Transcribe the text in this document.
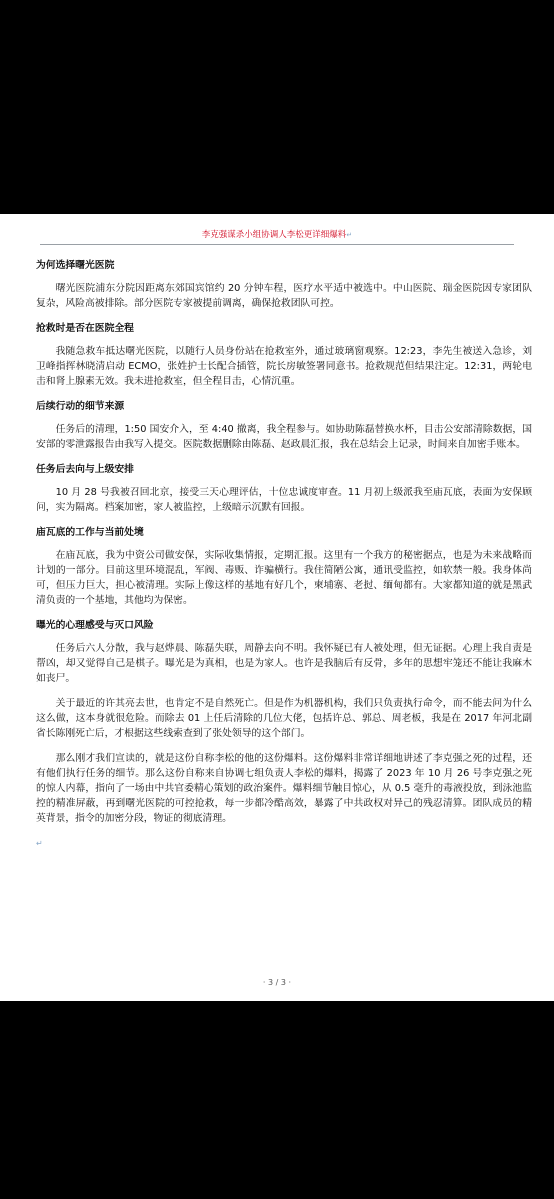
李克强谋杀小组协调人李松更详细爆料↵
为何选择曙光医院
曙光医院浦东分院因距离东郊国宾馆约 20 分钟车程，医疗水平适中被选中。中山医院、瑞金医院因专家团队复杂，风险高被排除。部分医院专家被提前调离，确保抢救团队可控。
抢救时是否在医院全程
我随急救车抵达曙光医院，以随行人员身份站在抢救室外，通过玻璃窗观察。12:23，李先生被送入急诊，刘卫峰指挥林晓清启动 ECMO，张姓护士长配合插管，院长房敏签署同意书。抢救规范但结果注定。12:31，两轮电击和肾上腺素无效。我未进抢救室，但全程目击，心情沉重。
后续行动的细节来源
任务后的清理，1:50 国安介入，至 4:40 撤离，我全程参与。如协助陈磊替换水杯，目击公安部清除数据，国安部的零泄露报告由我写入提交。医院数据删除由陈磊、赵政晨汇报，我在总结会上记录，时间来自加密手账本。
任务后去向与上级安排
10 月 28 号我被召回北京，接受三天心理评估，十位忠诚度审查。11 月初上级派我至庙瓦底，表面为安保顾问，实为隔离。档案加密，家人被监控，上级暗示沉默有回报。
庙瓦底的工作与当前处境
在庙瓦底，我为中资公司做安保，实际收集情报，定期汇报。这里有一个我方的秘密据点，也是为未来战略而计划的一部分。目前这里环境混乱，军阀、毒贩、诈骗横行。我住简陋公寓，通讯受监控，如软禁一般。我身体尚可，但压力巨大，担心被清理。实际上像这样的基地有好几个，柬埔寨、老挝、缅甸都有。大家都知道的就是黑武清负责的一个基地，其他均为保密。
曝光的心理感受与灭口风险
任务后六人分散，我与赵烨晨、陈磊失联，周静去向不明。我怀疑已有人被处理，但无证据。心理上我自责是帮凶，却又觉得自己是棋子。曝光是为真相，也是为家人。也许是我脑后有反骨，多年的思想牢笼还不能让我麻木如丧尸。
关于最近的许其亮去世，也肯定不是自然死亡。但是作为机器机构，我们只负责执行命令，而不能去问为什么这么做，这本身就很危险。而除去 01 上任后清除的几位大佬，包括许总、郭总、周老板，我是在 2017 年河北副省长陈刚死亡后，才根据这些线索查到了张处领导的这个部门。
那么刚才我们宣读的，就是这份自称李松的他的这份爆料。这份爆料非常详细地讲述了李克强之死的过程，还有他们执行任务的细节。那么这份自称来自协调七组负责人李松的爆料，揭露了 2023 年 10 月 26 号李克强之死的惊人内幕，指向了一场由中共官委精心策划的政治案件。爆料细节触目惊心，从 0.5 毫升的毒液投放，到泳池监控的精准屏蔽，再到曙光医院的可控抢救，每一步都冷酷高效，暴露了中共政权对异己的残忍清算。团队成员的精英背景，指令的加密分段，物证的彻底清理。
↵
· 3 / 3 ·
